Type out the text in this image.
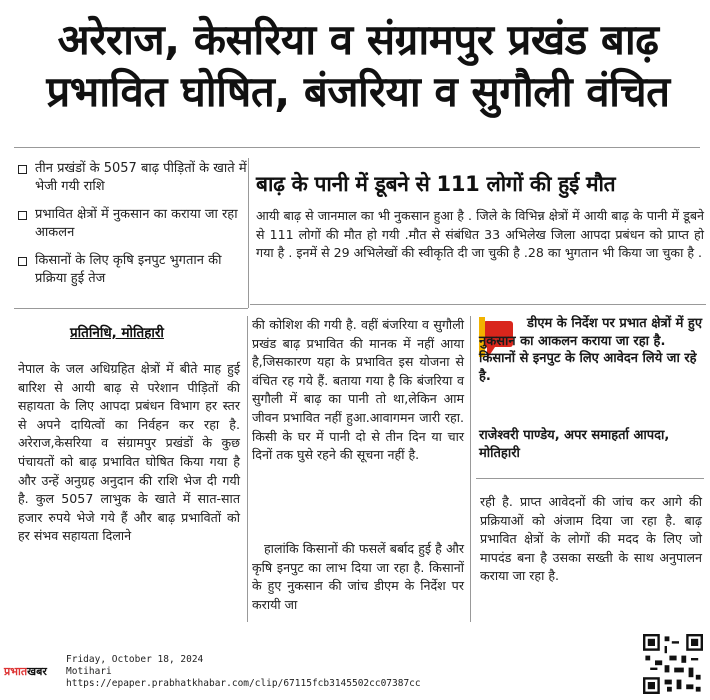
अरेराज, केसरिया व संग्रामपुर प्रखंड बाढ़
प्रभावित घोषित, बंजरिया व सुगौली वंचित
तीन प्रखंडों के 5057 बाढ़ पीड़ितों के खाते में भेजी गयी राशि
प्रभावित क्षेत्रों में नुकसान का कराया जा रहा आकलन
किसानों के लिए कृषि इनपुट भुगतान की प्रक्रिया हुई तेज
प्रतिनिधि, मोतिहारी
बाढ़ के पानी में डूबने से 111 लोगों की हुई मौत

आयी बाढ़ से जानमाल का भी नुकसान हुआ है . जिले के विभिन्न क्षेत्रों में आयी बाढ़ के पानी में डूबने से 111 लोगों की मौत हो गयी .मौत से संबंधित 33 अभिलेख जिला आपदा प्रबंधन को प्राप्त हो गया है . इनमें से 29 अभिलेखों की स्वीकृति दी जा चुकी है .28 का भुगतान भी किया जा चुका है .

नेपाल के जल अधिग्रहित क्षेत्रों में बीते माह हुई बारिश से आयी बाढ़ से परेशान पीड़ितों की सहायता के लिए आपदा प्रबंधन विभाग हर स्तर से अपने दायित्वों का निर्वहन कर रहा है. अरेराज,केसरिया व संग्रामपुर प्रखंडों के कुछ पंचायतों को बाढ़ प्रभावित घोषित किया गया है और उन्हें अनुग्रह अनुदान की राशि भेज दी गयी है. कुल 5057 लाभुक के खाते में सात-सात हजार रुपये भेजे गये हैं और बाढ़ प्रभावितों को हर संभव सहायता दिलाने

की कोशिश की गयी है. वहीं बंजरिया व सुगौली प्रखंड बाढ़ प्रभावित की मानक में नहीं आया है,जिसकारण यहा के प्रभावित इस योजना से वंचित रह गये हैं. बताया गया है कि बंजरिया व सुगौली में बाढ़ का पानी तो था,लेकिन आम जीवन प्रभावित नहीं हुआ.आवागमन जारी रहा. किसी के घर में पानी दो से तीन दिन या चार दिनों तक घुसे रहने की सूचना नहीं है.

हालांकि किसानों की फसलें बर्बाद हुई है और कृषि इनपुट का लाभ दिया जा रहा है. किसानों के हुए नुकसान की जांच डीएम के निर्देश पर करायी जा

डीएम के निर्देश पर प्रभात क्षेत्रों में हुए नुकसान का आकलन कराया जा रहा है. किसानों से इनपुट के लिए आवेदन लिये जा रहे है.
राजेश्वरी पाण्डेय, अपर समाहर्ता आपदा, मोतिहारी

रही है. प्राप्त आवेदनों की जांच कर आगे की प्रक्रियाओं को अंजाम दिया जा रहा है. बाढ़ प्रभावित क्षेत्रों के लोगों की मदद के लिए जो मापदंड बना है उसका सख्ती के साथ अनुपालन कराया जा रहा है.

प्रभातखबर
Friday, October 18, 2024
Motihari
https://epaper.prabhatkhabar.com/clip/67115fcb3145502cc07387cc
